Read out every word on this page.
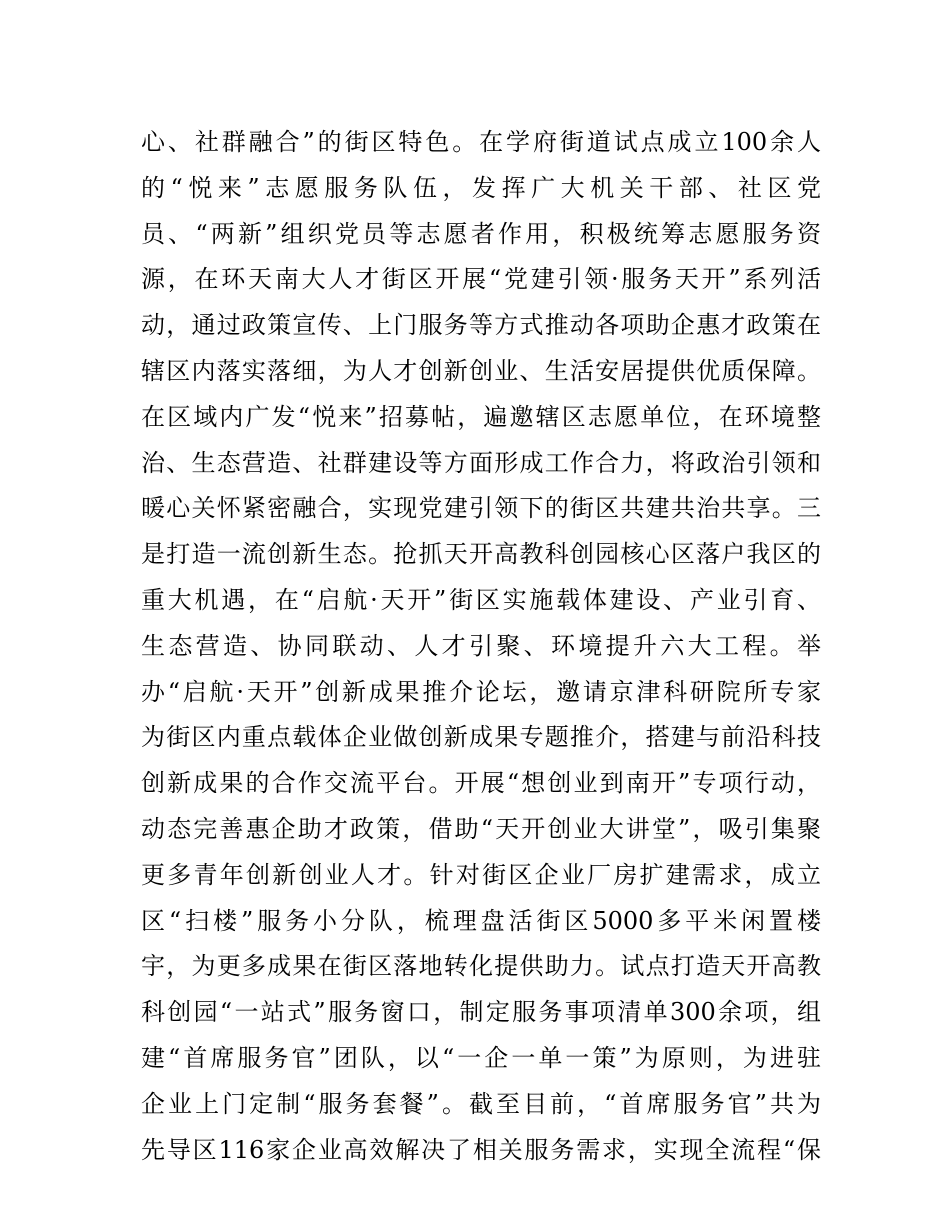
心、社群融合”的街区特色。在学府街道试点成立100余人
的“悦来”志愿服务队伍，发挥广大机关干部、社区党
员、“两新”组织党员等志愿者作用，积极统筹志愿服务资
源，在环天南大人才街区开展“党建引领·服务天开”系列活
动，通过政策宣传、上门服务等方式推动各项助企惠才政策在
辖区内落实落细，为人才创新创业、生活安居提供优质保障。
在区域内广发“悦来”招募帖，遍邀辖区志愿单位，在环境整
治、生态营造、社群建设等方面形成工作合力，将政治引领和
暖心关怀紧密融合，实现党建引领下的街区共建共治共享。三
是打造一流创新生态。抢抓天开高教科创园核心区落户我区的
重大机遇，在“启航·天开”街区实施载体建设、产业引育、
生态营造、协同联动、人才引聚、环境提升六大工程。举
办“启航·天开”创新成果推介论坛，邀请京津科研院所专家
为街区内重点载体企业做创新成果专题推介，搭建与前沿科技
创新成果的合作交流平台。开展“想创业到南开”专项行动，
动态完善惠企助才政策，借助“天开创业大讲堂”，吸引集聚
更多青年创新创业人才。针对街区企业厂房扩建需求，成立
区“扫楼”服务小分队，梳理盘活街区5000多平米闲置楼
宇，为更多成果在街区落地转化提供助力。试点打造天开高教
科创园“一站式”服务窗口，制定服务事项清单300余项，组
建“首席服务官”团队，以“一企一单一策”为原则，为进驻
企业上门定制“服务套餐”。截至目前，“首席服务官”共为
先导区116家企业高效解决了相关服务需求，实现全流程“保
